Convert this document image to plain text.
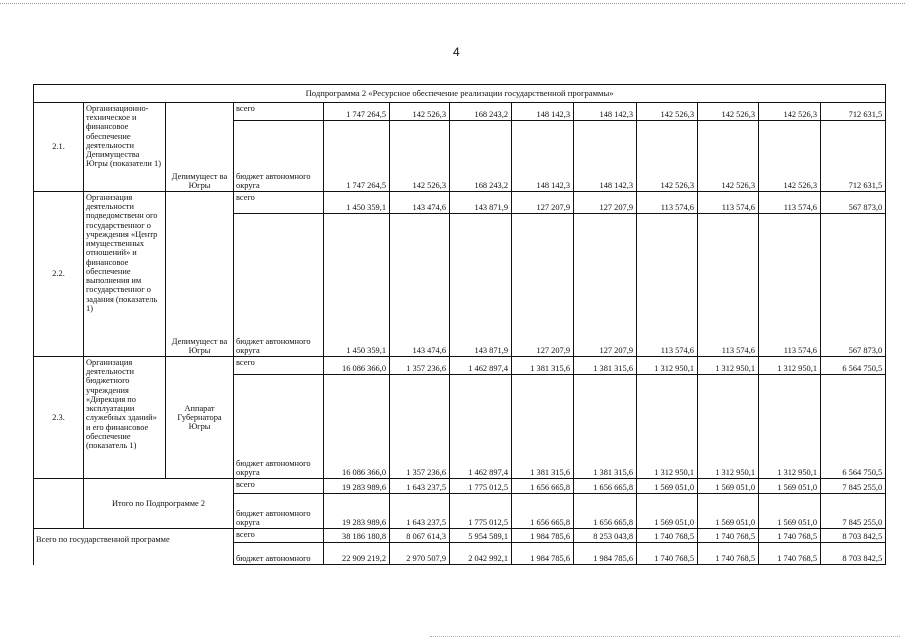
4
Подпрограмма 2 «Ресурсное обеспечение реализации государственной программы»												
2.1.	Организационно-техническое и финансовое обеспечение деятельности Депимущества Югры (показатели 1)	Депимущест ва Югры	всего	1 747 264,5	142 526,3	168 243,2	148 142,3	148 142,3	142 526,3	142 526,3	142 526,3	712 631,5
			бюджет автономного округа	1 747 264,5	142 526,3	168 243,2	148 142,3	148 142,3	142 526,3	142 526,3	142 526,3	712 631,5
2.2.	Организация деятельности подведомственн ого государственног о учреждения «Центр имущественных отношений» и финансовое обеспечение выполнения им государственног о задания (показатель 1)	Депимущест ва Югры	всего	1 450 359,1	143 474,6	143 871,9	127 207,9	127 207,9	113 574,6	113 574,6	113 574,6	567 873,0
			бюджет автономного округа	1 450 359,1	143 474,6	143 871,9	127 207,9	127 207,9	113 574,6	113 574,6	113 574,6	567 873,0
2.3.	Организация деятельности бюджетного учреждения «Дирекция по эксплуатации служебных зданий» и его финансовое обеспечение (показатель 1)	Аппарат Губернатора Югры	всего	16 086 366,0	1 357 236,6	1 462 897,4	1 381 315,6	1 381 315,6	1 312 950,1	1 312 950,1	1 312 950,1	6 564 750,5
			бюджет автономного округа	16 086 366,0	1 357 236,6	1 462 897,4	1 381 315,6	1 381 315,6	1 312 950,1	1 312 950,1	1 312 950,1	6 564 750,5
	Итого по Подпрограмме 2		всего	19 283 989,6	1 643 237,5	1 775 012,5	1 656 665,8	1 656 665,8	1 569 051,0	1 569 051,0	1 569 051,0	7 845 255,0
			бюджет автономного округа	19 283 989,6	1 643 237,5	1 775 012,5	1 656 665,8	1 656 665,8	1 569 051,0	1 569 051,0	1 569 051,0	7 845 255,0
Всего по государственной программе			всего	38 186 180,8	8 067 614,3	5 954 589,1	1 984 785,6	8 253 043,8	1 740 768,5	1 740 768,5	1 740 768,5	8 703 842,5
			бюджет автономного	22 909 219,2	2 970 507,9	2 042 992,1	1 984 785,6	1 984 785,6	1 740 768,5	1 740 768,5	1 740 768,5	8 703 842,5
